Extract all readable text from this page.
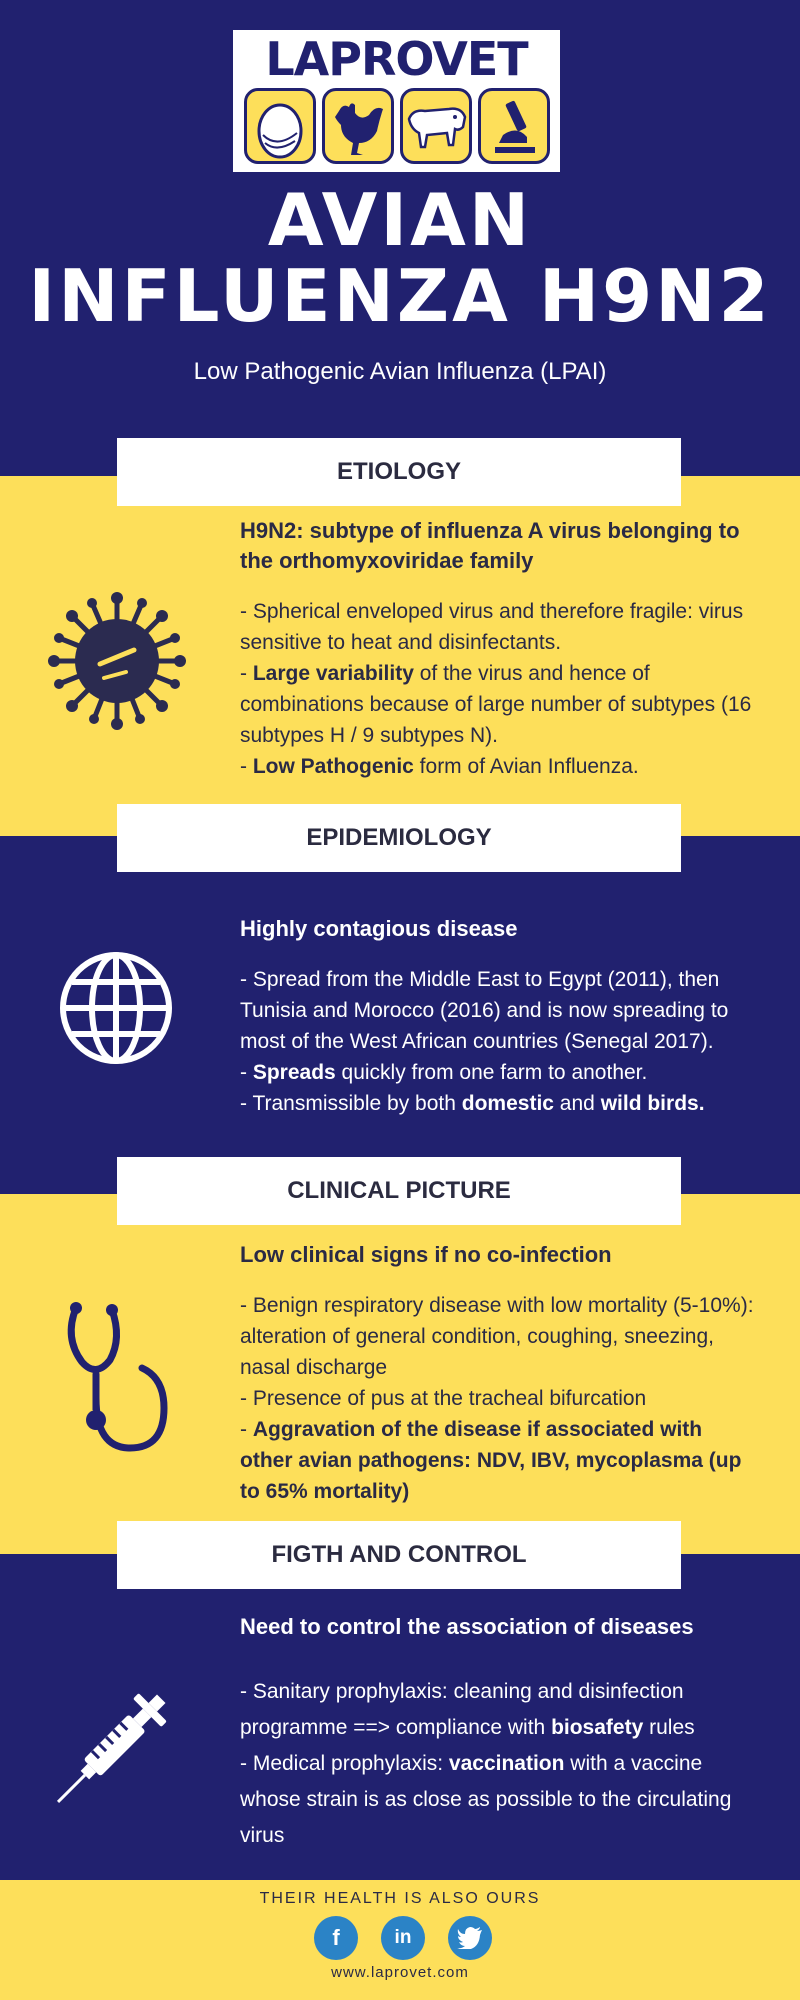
LAPROVET
AVIAN
INFLUENZA H9N2
Low Pathogenic Avian Influenza (LPAI)
ETIOLOGY
H9N2: subtype of influenza A virus belonging to the orthomyxoviridae family

- Spherical enveloped virus and therefore fragile: virus sensitive to heat and disinfectants.

- Large variability of the virus and hence of combinations because of large number of subtypes (16 subtypes H / 9 subtypes N).

- Low Pathogenic form of Avian Influenza.

EPIDEMIOLOGY
Highly contagious disease

- Spread from the Middle East to Egypt (2011), then Tunisia and Morocco (2016) and is now spreading to most of the West African countries (Senegal 2017).

- Spreads quickly from one farm to another.

- Transmissible by both domestic and wild birds.

CLINICAL PICTURE
Low clinical signs if no co-infection

- Benign respiratory disease with low mortality (5-10%): alteration of general condition, coughing, sneezing, nasal discharge

- Presence of pus at the tracheal bifurcation

- Aggravation of the disease if associated with other avian pathogens: NDV, IBV, mycoplasma (up to 65% mortality)

FIGTH AND CONTROL
Need to control the association of diseases

- Sanitary prophylaxis: cleaning and disinfection programme ==> compliance with biosafety rules

- Medical prophylaxis: vaccination with a vaccine whose strain is as close as possible to the circulating virus

THEIR HEALTH IS ALSO OURS
f	in
www.laprovet.com
